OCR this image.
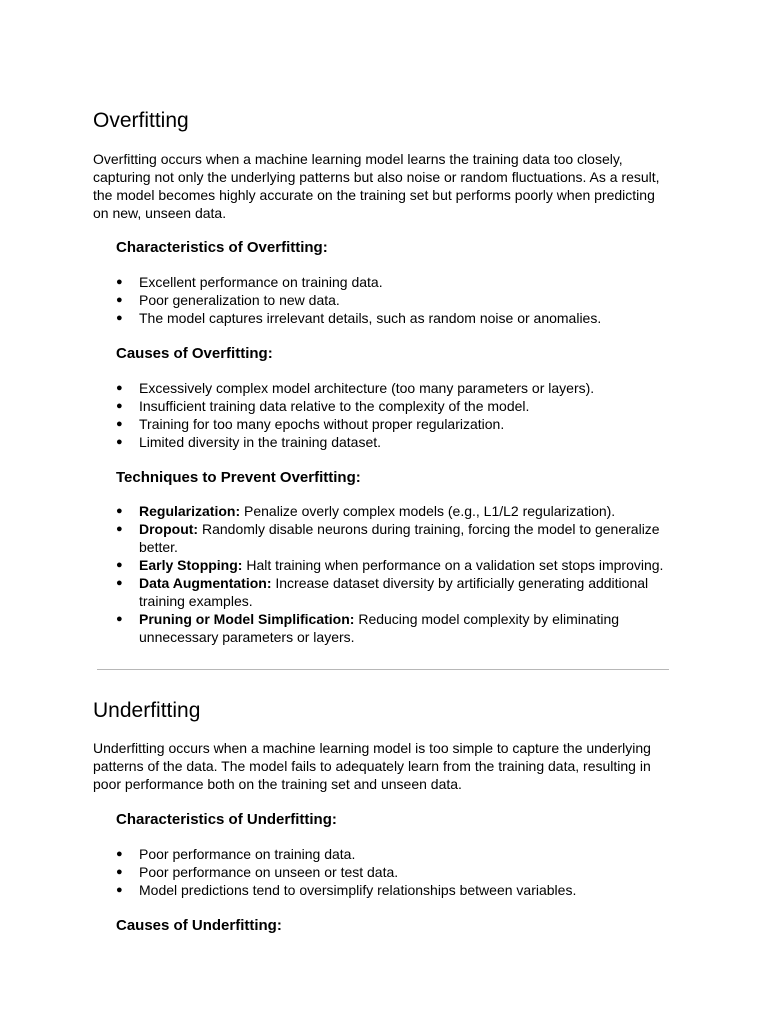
Overfitting

Overfitting occurs when a machine learning model learns the training data too closely, capturing not only the underlying patterns but also noise or random fluctuations. As a result, the model becomes highly accurate on the training set but performs poorly when predicting on new, unseen data.

Characteristics of Overfitting:
● Excellent performance on training data.
● Poor generalization to new data.
● The model captures irrelevant details, such as random noise or anomalies.
Causes of Overfitting:
● Excessively complex model architecture (too many parameters or layers).
● Insufficient training data relative to the complexity of the model.
● Training for too many epochs without proper regularization.
● Limited diversity in the training dataset.
Techniques to Prevent Overfitting:
● Regularization: Penalize overly complex models (e.g., L1/L2 regularization).
● Dropout: Randomly disable neurons during training, forcing the model to generalize better.
● Early Stopping: Halt training when performance on a validation set stops improving.
● Data Augmentation: Increase dataset diversity by artificially generating additional training examples.
● Pruning or Model Simplification: Reducing model complexity by eliminating unnecessary parameters or layers.
Underfitting

Underfitting occurs when a machine learning model is too simple to capture the underlying patterns of the data. The model fails to adequately learn from the training data, resulting in poor performance both on the training set and unseen data.

Characteristics of Underfitting:
● Poor performance on training data.
● Poor performance on unseen or test data.
● Model predictions tend to oversimplify relationships between variables.
Causes of Underfitting:
